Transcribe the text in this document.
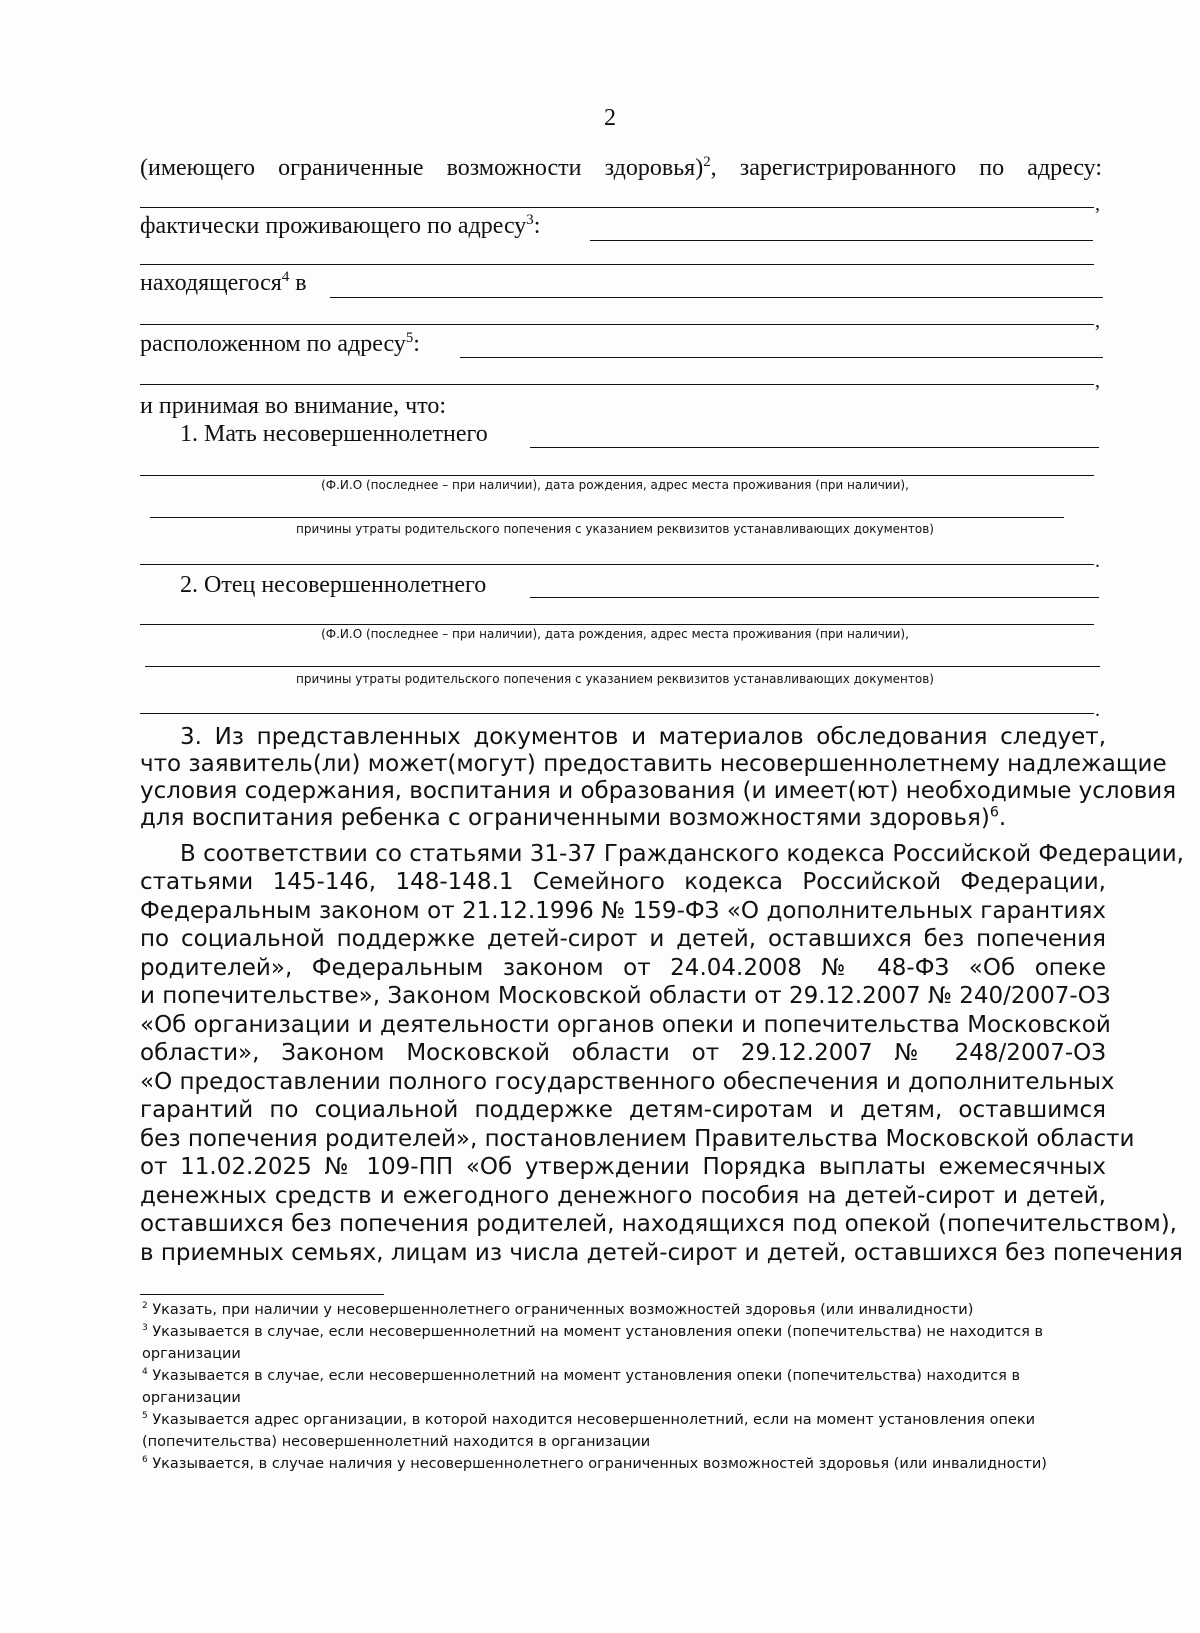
2
(имеющего ограниченные возможности здоровья)$^2$, зарегистрированного по адресу:
,
фактически проживающего по адресу$^3$:
находящегося$^4$ в
,
расположенном по адресу$^5$:
,
и принимая во внимание, что:
1. Мать несовершеннолетнего
(Ф.И.О (последнее – при наличии), дата рождения, адрес места проживания (при наличии),
причины утраты родительского попечения с указанием реквизитов устанавливающих документов)
.
2. Отец несовершеннолетнего
(Ф.И.О (последнее – при наличии), дата рождения, адрес места проживания (при наличии),
причины утраты родительского попечения с указанием реквизитов устанавливающих документов)
.
3. Из представленных документов и материалов обследования следует,
что заявитель(ли) может(могут) предоставить несовершеннолетнему надлежащие
условия содержания, воспитания и образования (и имеет(ют) необходимые условия
для воспитания ребенка с ограниченными возможностями здоровья)$^6$.
В соответствии со статьями 31-37 Гражданского кодекса Российской Федерации,
статьями 145-146, 148-148.1 Семейного кодекса Российской Федерации,
Федеральным законом от 21.12.1996 № 159-ФЗ «О дополнительных гарантиях
по социальной поддержке детей-сирот и детей, оставшихся без попечения
родителей», Федеральным законом от 24.04.2008 № 48-ФЗ «Об опеке
и попечительстве», Законом Московской области от 29.12.2007 № 240/2007-ОЗ
«Об организации и деятельности органов опеки и попечительства Московской
области», Законом Московской области от 29.12.2007 № 248/2007-ОЗ
«О предоставлении полного государственного обеспечения и дополнительных
гарантий по социальной поддержке детям-сиротам и детям, оставшимся
без попечения родителей», постановлением Правительства Московской области
от 11.02.2025 № 109-ПП «Об утверждении Порядка выплаты ежемесячных
денежных средств и ежегодного денежного пособия на детей-сирот и детей,
оставшихся без попечения родителей, находящихся под опекой (попечительством),
в приемных семьях, лицам из числа детей-сирот и детей, оставшихся без попечения
$^2$ Указать, при наличии у несовершеннолетнего ограниченных возможностей здоровья (или инвалидности)
$^3$ Указывается в случае, если несовершеннолетний на момент установления опеки (попечительства) не находится в
организации
$^4$ Указывается в случае, если несовершеннолетний на момент установления опеки (попечительства) находится в
организации
$^5$ Указывается адрес организации, в которой находится несовершеннолетний, если на момент установления опеки
(попечительства) несовершеннолетний находится в организации
$^6$ Указывается, в случае наличия у несовершеннолетнего ограниченных возможностей здоровья (или инвалидности)
